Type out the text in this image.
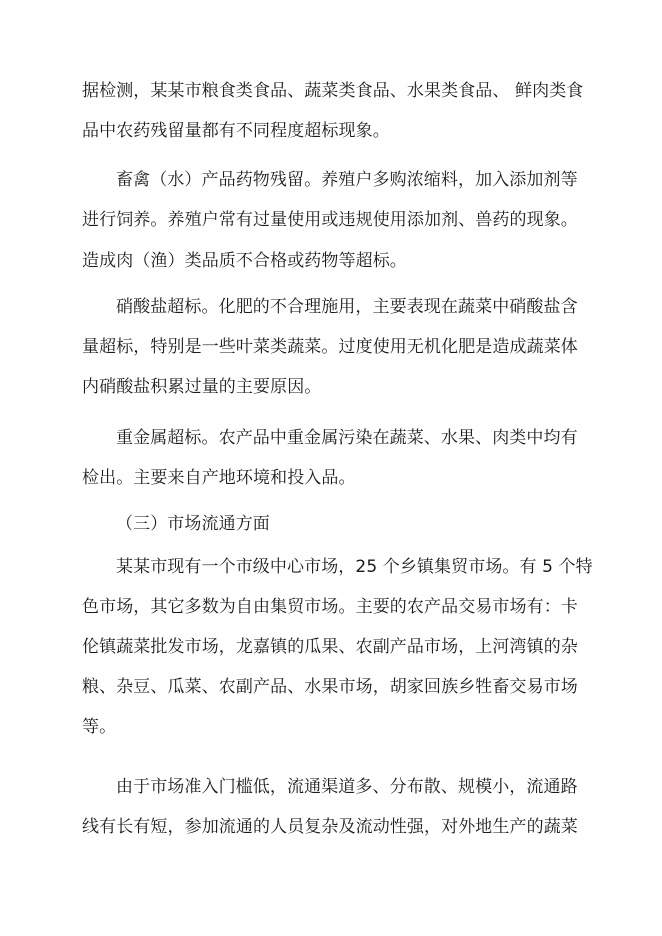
据检测，某某市粮食类食品、蔬菜类食品、水果类食品、 鲜肉类食
品中农药残留量都有不同程度超标现象。
畜禽（水）产品药物残留。养殖户多购浓缩料，加入添加剂等
进行饲养。养殖户常有过量使用或违规使用添加剂、兽药的现象。
造成肉（渔）类品质不合格或药物等超标。
硝酸盐超标。化肥的不合理施用，主要表现在蔬菜中硝酸盐含
量超标，特别是一些叶菜类蔬菜。过度使用无机化肥是造成蔬菜体
内硝酸盐积累过量的主要原因。
重金属超标。农产品中重金属污染在蔬菜、水果、肉类中均有
检出。主要来自产地环境和投入品。
（三）市场流通方面
某某市现有一个市级中心市场，25 个乡镇集贸市场。有 5 个特
色市场，其它多数为自由集贸市场。主要的农产品交易市场有：卡
伦镇蔬菜批发市场，龙嘉镇的瓜果、农副产品市场，上河湾镇的杂
粮、杂豆、瓜菜、农副产品、水果市场，胡家回族乡牲畜交易市场
等。
由于市场准入门槛低，流通渠道多、分布散、规模小，流通路
线有长有短，参加流通的人员复杂及流动性强，对外地生产的蔬菜
